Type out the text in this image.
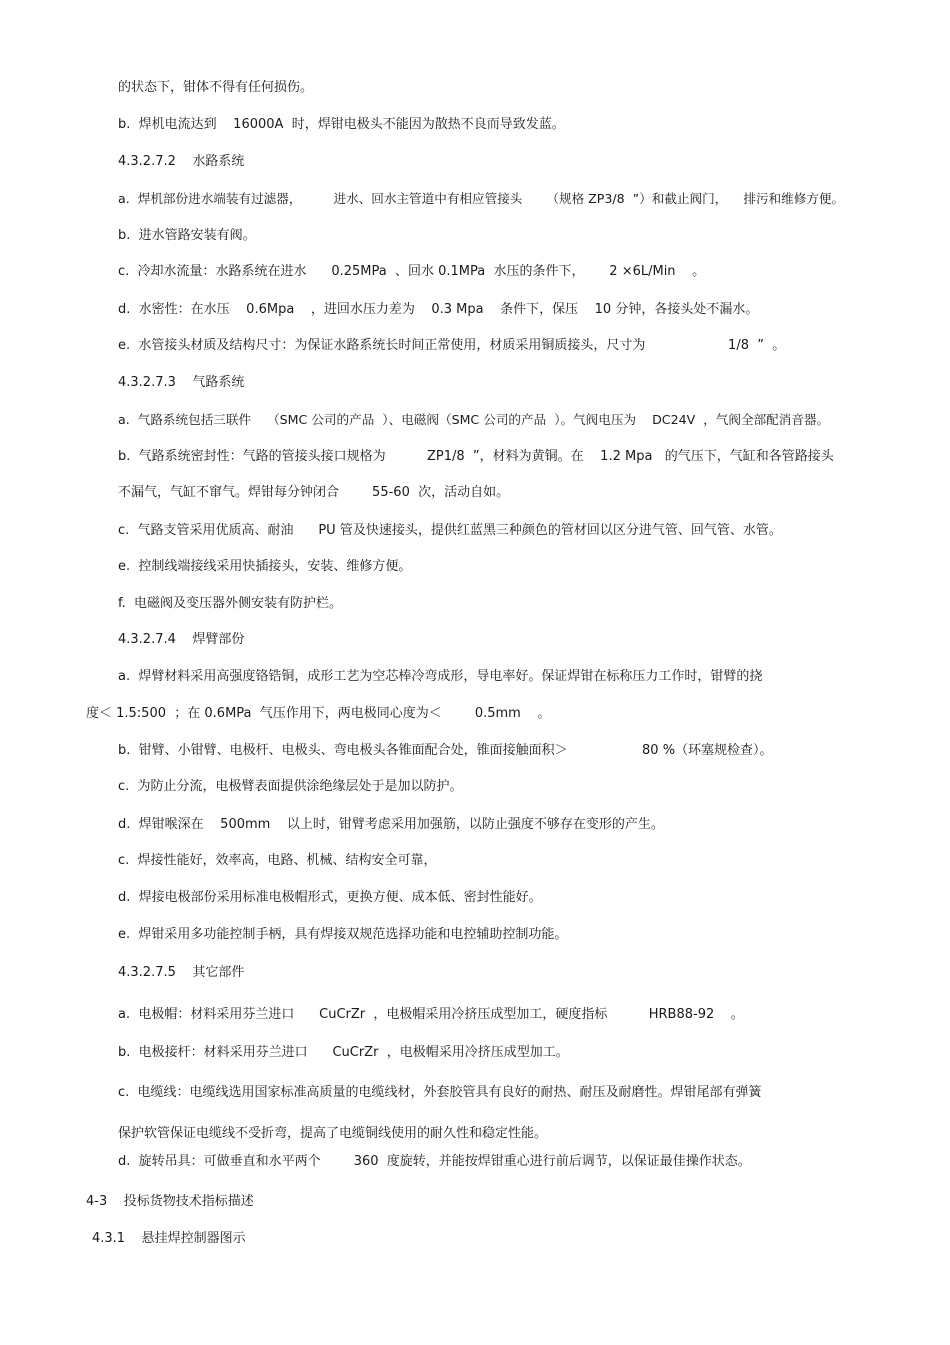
的状态下，钳体不得有任何损伤。
b.  焊机电流达到    16000A  时，焊钳电极头不能因为散热不良而导致发蓝。
4.3.2.7.2    水路系统
a.  焊机部份进水端装有过滤器，        进水、回水主管道中有相应管接头      （规格 ZP3/8  ”）和截止阀门，    排污和维修方便。
b.  进水管路安装有阀。
c.  冷却水流量：水路系统在进水      0.25MPa  、回水 0.1MPa  水压的条件下，      2 ×6L/Min    。
d.  水密性：在水压    0.6Mpa    ，进回水压力差为    0.3 Mpa    条件下，保压    10 分钟，各接头处不漏水。
e.  水管接头材质及结构尺寸：为保证水路系统长时间正常使用，材质采用铜质接头，尺寸为                    1/8  ”  。
4.3.2.7.3    气路系统
a.  气路系统包括三联件    （SMC 公司的产品  ）、电磁阀（SMC 公司的产品  ）。气阀电压为    DC24V  ，气阀全部配消音器。
b.  气路系统密封性：气路的管接头接口规格为          ZP1/8  ”，材料为黄铜。在    1.2 Mpa   的气压下，气缸和各管路接头
不漏气，气缸不窜气。焊钳每分钟闭合        55-60  次，活动自如。
c.  气路支管采用优质高、耐油      PU 管及快速接头，提供红蓝黑三种颜色的管材回以区分进气管、回气管、水管。
e.  控制线端接线采用快插接头，安装、维修方便。
f.  电磁阀及变压器外侧安装有防护栏。
4.3.2.7.4    焊臂部份
a.  焊臂材料采用高强度铬锆铜，成形工艺为空芯棒冷弯成形，导电率好。保证焊钳在标称压力工作时，钳臂的挠
度＜ 1.5:500  ；在 0.6MPa  气压作用下，两电极同心度为＜        0.5mm    。
b.  钳臂、小钳臂、电极杆、电极头、弯电极头各锥面配合处，锥面接触面积＞                  80 %（环塞规检查）。
c.  为防止分流，电极臂表面提供涂绝缘层处于是加以防护。
d.  焊钳喉深在    500mm    以上时，钳臂考虑采用加强筋，以防止强度不够存在变形的产生。
c.  焊接性能好，效率高，电路、机械、结构安全可靠，
d.  焊接电极部份采用标准电极帽形式，更换方便、成本低、密封性能好。
e.  焊钳采用多功能控制手柄，具有焊接双规范选择功能和电控辅助控制功能。
4.3.2.7.5    其它部件
a.  电极帽：材料采用芬兰进口      CuCrZr  ，电极帽采用冷挤压成型加工，硬度指标          HRB88-92    。
b.  电极接杆：材料采用芬兰进口      CuCrZr  ，电极帽采用冷挤压成型加工。
c.  电缆线：电缆线选用国家标准高质量的电缆线材，外套胶管具有良好的耐热、耐压及耐磨性。焊钳尾部有弹簧
保护软管保证电缆线不受折弯，提高了电缆铜线使用的耐久性和稳定性能。
d.  旋转吊具：可做垂直和水平两个        360  度旋转，并能按焊钳重心进行前后调节，以保证最佳操作状态。
4-3    投标货物技术指标描述
4.3.1    悬挂焊控制器图示
